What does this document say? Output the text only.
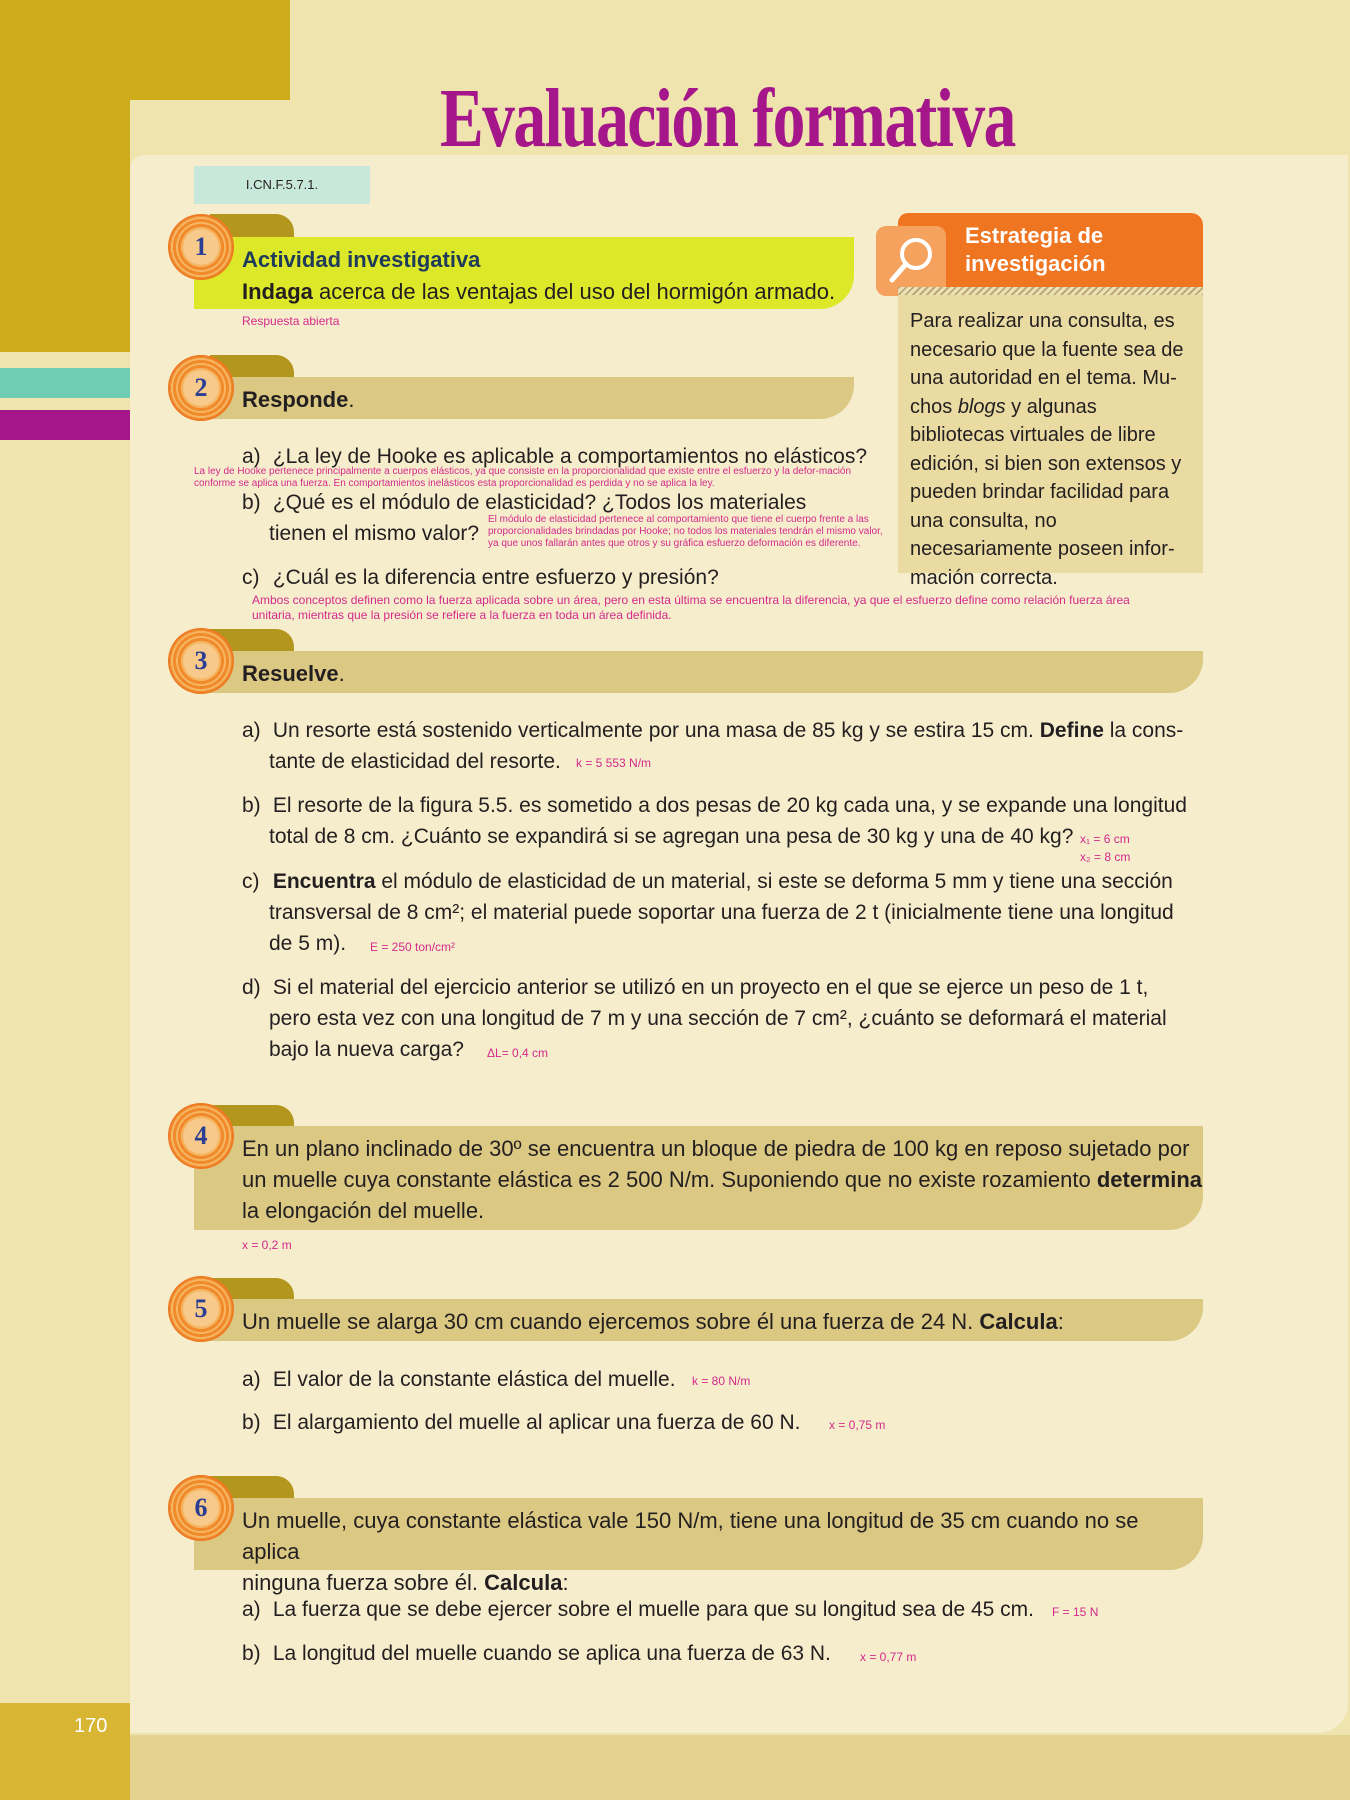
Evaluación formativa
I.CN.F.5.7.1.
1	Actividad investigativa
Indaga acerca de las ventajas del uso del hormigón armado.
Respuesta abierta
2	Responde.
a) ¿La ley de Hooke es aplicable a comportamientos no elásticos?
La ley de Hooke pertenece principalmente a cuerpos elásticos, ya que consiste en la proporcionalidad que existe entre el esfuerzo y la defor-mación conforme se aplica una fuerza. En comportamientos inelásticos esta proporcionalidad es perdida y no se aplica la ley.
b) ¿Qué es el módulo de elasticidad? ¿Todos los materiales
tienen el mismo valor?
El módulo de elasticidad pertenece al comportamiento que tiene el cuerpo frente a las proporcionalidades brindadas por Hooke; no todos los materiales tendrán el mismo valor, ya que unos fallarán antes que otros y su gráfica esfuerzo deformación es diferente.
c) ¿Cuál es la diferencia entre esfuerzo y presión?
Ambos conceptos definen como la fuerza aplicada sobre un área, pero en esta última se encuentra la diferencia, ya que el esfuerzo define como relación fuerza área unitaria, mientras que la presión se refiere a la fuerza en toda un área definida.
Estrategia de
investigación
Para realizar una consulta, es necesario que la fuente sea de una autoridad en el tema. Mu-chos blogs y algunas bibliotecas virtuales de libre edición, si bien son extensos y pueden brindar facilidad para una consulta, no necesariamente poseen infor-mación correcta.
3	Resuelve.
a) Un resorte está sostenido verticalmente por una masa de 85 kg y se estira 15 cm. Define la cons-
tante de elasticidad del resorte. k = 5 553 N/m
b) El resorte de la figura 5.5. es sometido a dos pesas de 20 kg cada una, y se expande una longitud
total de 8 cm. ¿Cuánto se expandirá si se agregan una pesa de 30 kg y una de 40 kg? x₁ = 6 cm
x₂ = 8 cm
c) Encuentra el módulo de elasticidad de un material, si este se deforma 5 mm y tiene una sección
transversal de 8 cm²; el material puede soportar una fuerza de 2 t (inicialmente tiene una longitud
de 5 m). E = 250 ton/cm²
d) Si el material del ejercicio anterior se utilizó en un proyecto en el que se ejerce un peso de 1 t,
pero esta vez con una longitud de 7 m y una sección de 7 cm², ¿cuánto se deformará el material
bajo la nueva carga? ΔL= 0,4 cm
4	En un plano inclinado de 30º se encuentra un bloque de piedra de 100 kg en reposo sujetado por
un muelle cuya constante elástica es 2 500 N/m. Suponiendo que no existe rozamiento determina
la elongación del muelle.
x = 0,2 m
5	Un muelle se alarga 30 cm cuando ejercemos sobre él una fuerza de 24 N. Calcula:
a) El valor de la constante elástica del muelle. k = 80 N/m
b) El alargamiento del muelle al aplicar una fuerza de 60 N. x = 0,75 m
6	Un muelle, cuya constante elástica vale 150 N/m, tiene una longitud de 35 cm cuando no se aplica
ninguna fuerza sobre él. Calcula:
a) La fuerza que se debe ejercer sobre el muelle para que su longitud sea de 45 cm. F = 15 N
b) La longitud del muelle cuando se aplica una fuerza de 63 N. x = 0,77 m
170
